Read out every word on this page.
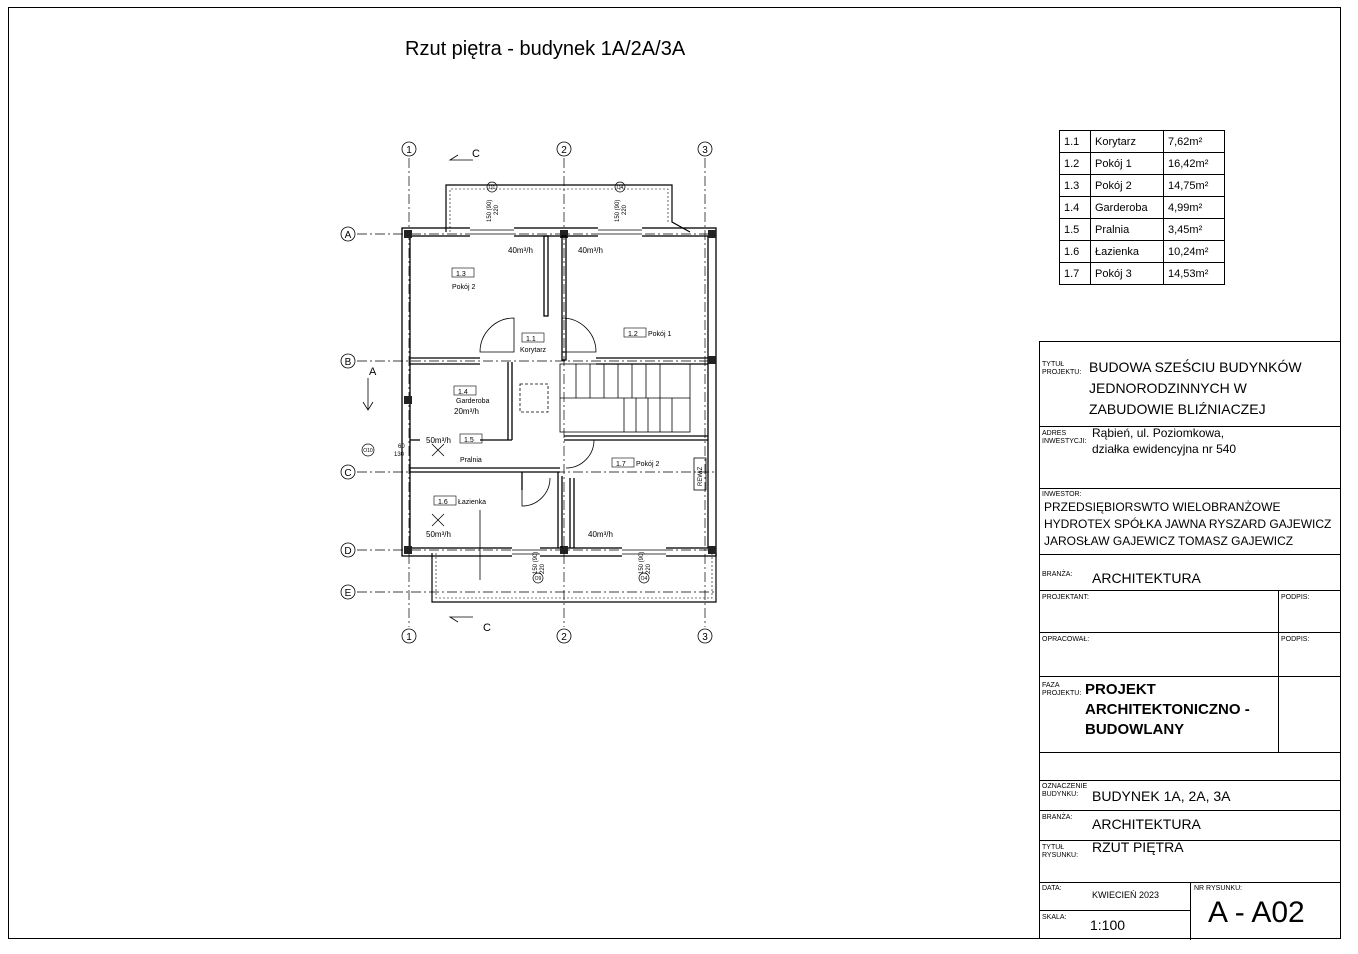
Rzut piętra - budynek 1A/2A/3A
1	2	3
1	2	3
A
B
C
D
E
C
C
A
O1	O4
O9	O4
O10
60
130
150 (90) 220	150 (90) 220
150 (90) 220	150 (90) 220
REWIZ
1.3
Pokój 2
1.1
Korytarz
1.2 Pokój 1
1.4
Garderoba
1.5
Pralnia
1.7 Pokój 2
1.6 Łazienka
40m³/h	40m³/h
20m³/h
50m³/h
50m³/h	40m³/h
1.1	Korytarz	7,62m²
1.2	Pokój 1	16,42m²
1.3	Pokój 2	14,75m²
1.4	Garderoba	4,99m²
1.5	Pralnia	3,45m²
1.6	Łazienka	10,24m²
1.7	Pokój 3	14,53m²
TYTUŁ PROJEKTU: BUDOWA SZEŚCIU BUDYNKÓW JEDNORODZINNYCH W ZABUDOWIE BLIŹNIACZEJ
ADRES INWESTYCJI:
Rąbień, ul. Poziomkowa,
działka ewidencyjna nr 540
INWESTOR:
PRZEDSIĘBIORSWTO WIELOBRANŻOWE HYDROTEX SPÓŁKA JAWNA RYSZARD GAJEWICZ JAROSŁAW GAJEWICZ TOMASZ GAJEWICZ
BRANŻA: ARCHITEKTURA
PROJEKTANT:	PODPIS:
OPRACOWAŁ:	PODPIS:
FAZA PROJEKTU: PROJEKT ARCHITEKTONICZNO - BUDOWLANY
OZNACZENIE BUDYNKU: BUDYNEK 1A, 2A, 3A
BRANŻA: ARCHITEKTURA
TYTUŁ RYSUNKU:
RZUT PIĘTRA
DATA:
KWIECIEŃ 2023
NR RYSUNKU:
A - A02
SKALA: 1:100
